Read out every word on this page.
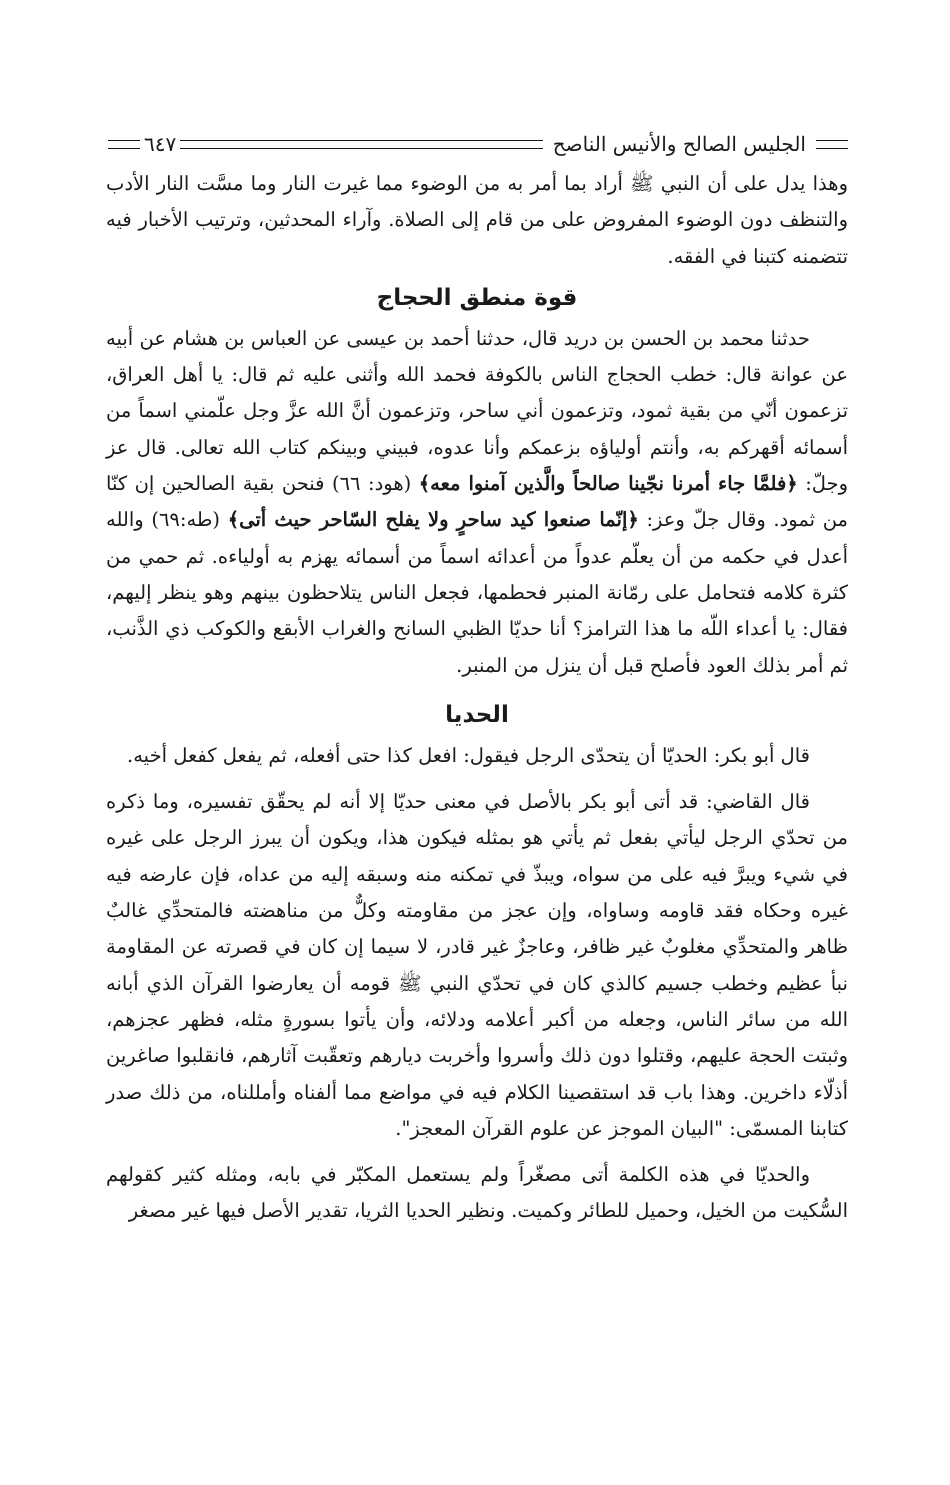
الجليس الصالح والأنيس الناصح
٦٤٧

وهذا يدل على أن النبي ﷺ أراد بما أمر به من الوضوء مما غيرت النار وما مسَّت النار الأدب والتنظف دون الوضوء المفروض على من قام إلى الصلاة. وآراء المحدثين، وترتيب الأخبار فيه تتضمنه كتبنا في الفقه.

قوة منطق الحجاج

حدثنا محمد بن الحسن بن دريد قال، حدثنا أحمد بن عيسى عن العباس بن هشام عن أبيه عن عوانة قال: خطب الحجاج الناس بالكوفة فحمد الله وأثنى عليه ثم قال: يا أهل العراق، تزعمون أنّي من بقية ثمود، وتزعمون أني ساحر، وتزعمون أنَّ الله عزَّ وجل علّمني اسماً من أسمائه أقهركم به، وأنتم أولياؤه بزعمكم وأنا عدوه، فبيني وبينكم كتاب الله تعالى. قال عز وجلّ: ﴿فلمَّا جاء أمرنا نجّينا صالحاً والَّذين آمنوا معه﴾ (هود: ٦٦) فنحن بقية الصالحين إن كنّا من ثمود. وقال جلّ وعز: ﴿إنّما صنعوا كيد ساحرٍ ولا يفلح السّاحر حيث أتى﴾ (طه:٦٩) والله أعدل في حكمه من أن يعلّم عدواً من أعدائه اسماً من أسمائه يهزم به أولياءه. ثم حمي من كثرة كلامه فتحامل على رمّانة المنبر فحطمها، فجعل الناس يتلاحظون بينهم وهو ينظر إليهم، فقال: يا أعداء اللّه ما هذا الترامز؟ أنا حديّا الظبي السانح والغراب الأبقع والكوكب ذي الذَّنب، ثم أمر بذلك العود فأصلح قبل أن ينزل من المنبر.

الحديا

قال أبو بكر: الحديّا أن يتحدّى الرجل فيقول: افعل كذا حتى أفعله، ثم يفعل كفعل أخيه.

قال القاضي: قد أتى أبو بكر بالأصل في معنى حديّا إلا أنه لم يحقّق تفسيره، وما ذكره من تحدّي الرجل ليأتي بفعل ثم يأتي هو بمثله فيكون هذا، ويكون أن يبرز الرجل على غيره في شيء ويبرَّ فيه على من سواه، ويبذّ في تمكنه منه وسبقه إليه من عداه، فإن عارضه فيه غيره وحكاه فقد قاومه وساواه، وإن عجز من مقاومته وكلٌّ من مناهضته فالمتحدِّي غالبٌ ظاهر والمتحدِّي مغلوبٌ غير ظافر، وعاجزٌ غير قادر، لا سيما إن كان في قصرته عن المقاومة نبأ عظيم وخطب جسيم كالذي كان في تحدّي النبي ﷺ قومه أن يعارضوا القرآن الذي أبانه الله من سائر الناس، وجعله من أكبر أعلامه ودلائه، وأن يأتوا بسورةٍ مثله، فظهر عجزهم، وثبتت الحجة عليهم، وقتلوا دون ذلك وأسروا وأخربت ديارهم وتعقّبت آثارهم، فانقلبوا صاغرين أذلّاء داخرين. وهذا باب قد استقصينا الكلام فيه في مواضع مما ألفناه وأمللناه، من ذلك صدر كتابنا المسمّى: "البيان الموجز عن علوم القرآن المعجز".

والحديّا في هذه الكلمة أتى مصغّراً ولم يستعمل المكبّر في بابه، ومثله كثير كقولهم السُّكيت من الخيل، وحميل للطائر وكميت. ونظير الحديا الثريا، تقدير الأصل فيها غير مصغر
